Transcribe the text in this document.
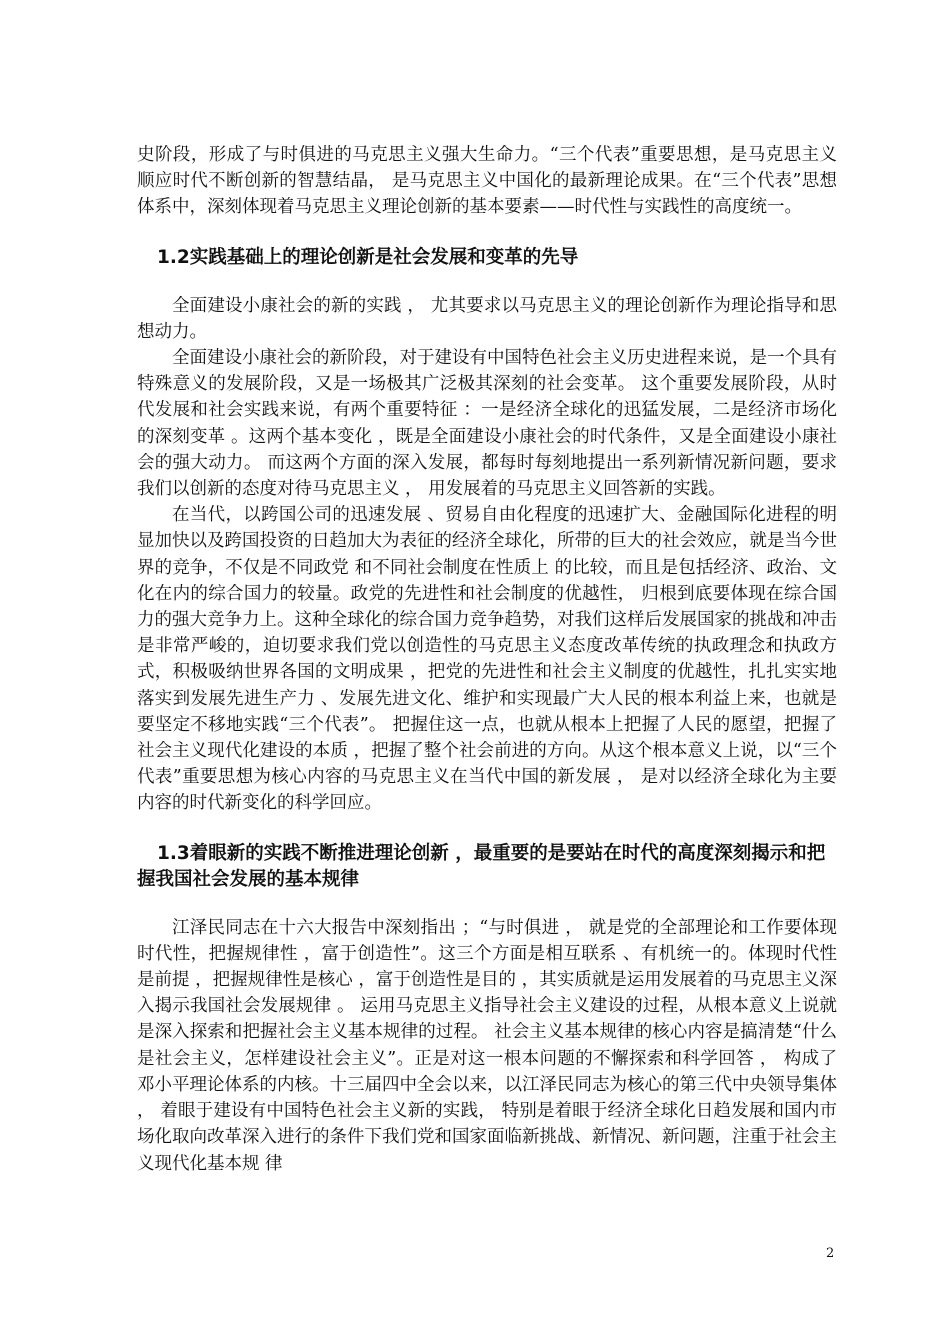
史阶段，形成了与时俱进的马克思主义强大生命力。“三个代表”重要思想，是马克思主义顺应时代不断创新的智慧结晶， 是马克思主义中国化的最新理论成果。在“三个代表”思想体系中，深刻体现着马克思主义理论创新的基本要素——时代性与实践性的高度统一。

1.2实践基础上的理论创新是社会发展和变革的先导

全面建设小康社会的新的实践 ， 尤其要求以马克思主义的理论创新作为理论指导和思想动力。

全面建设小康社会的新阶段，对于建设有中国特色社会主义历史进程来说，是一个具有特殊意义的发展阶段，又是一场极其广泛极其深刻的社会变革。 这个重要发展阶段，从时代发展和社会实践来说，有两个重要特征 ：一是经济全球化的迅猛发展，二是经济市场化的深刻变革 。这两个基本变化 ，既是全面建设小康社会的时代条件，又是全面建设小康社会的强大动力。 而这两个方面的深入发展，都每时每刻地提出一系列新情况新问题，要求我们以创新的态度对待马克思主义 ， 用发展着的马克思主义回答新的实践。

在当代，以跨国公司的迅速发展 、贸易自由化程度的迅速扩大、金融国际化进程的明显加快以及跨国投资的日趋加大为表征的经济全球化，所带的巨大的社会效应，就是当今世界的竞争，不仅是不同政党 和不同社会制度在性质上 的比较，而且是包括经济、政治、文化在内的综合国力的较量。政党的先进性和社会制度的优越性， 归根到底要体现在综合国力的强大竞争力上。这种全球化的综合国力竞争趋势，对我们这样后发展国家的挑战和冲击是非常严峻的，迫切要求我们党以创造性的马克思主义态度改革传统的执政理念和执政方式，积极吸纳世界各国的文明成果 ，把党的先进性和社会主义制度的优越性，扎扎实实地落实到发展先进生产力 、发展先进文化、维护和实现最广大人民的根本利益上来，也就是要坚定不移地实践“三个代表”。 把握住这一点，也就从根本上把握了人民的愿望，把握了社会主义现代化建设的本质 ，把握了整个社会前进的方向。从这个根本意义上说，以“三个代表”重要思想为核心内容的马克思主义在当代中国的新发展 ， 是对以经济全球化为主要内容的时代新变化的科学回应。

1.3着眼新的实践不断推进理论创新 ，最重要的是要站在时代的高度深刻揭示和把握我国社会发展的基本规律

江泽民同志在十六大报告中深刻指出 ；“与时俱进 ， 就是党的全部理论和工作要体现时代性，把握规律性 ，富于创造性”。这三个方面是相互联系 、有机统一的。体现时代性是前提 ，把握规律性是核心 ，富于创造性是目的 ，其实质就是运用发展着的马克思主义深入揭示我国社会发展规律 。 运用马克思主义指导社会主义建设的过程，从根本意义上说就是深入探索和把握社会主义基本规律的过程。 社会主义基本规律的核心内容是搞清楚“什么是社会主义，怎样建设社会主义”。正是对这一根本问题的不懈探索和科学回答 ， 构成了邓小平理论体系的内核。十三届四中全会以来，以江泽民同志为核心的第三代中央领导集体 ， 着眼于建设有中国特色社会主义新的实践， 特别是着眼于经济全球化日趋发展和国内市场化取向改革深入进行的条件下我们党和国家面临新挑战、新情况、新问题，注重于社会主义现代化基本规 律

2
